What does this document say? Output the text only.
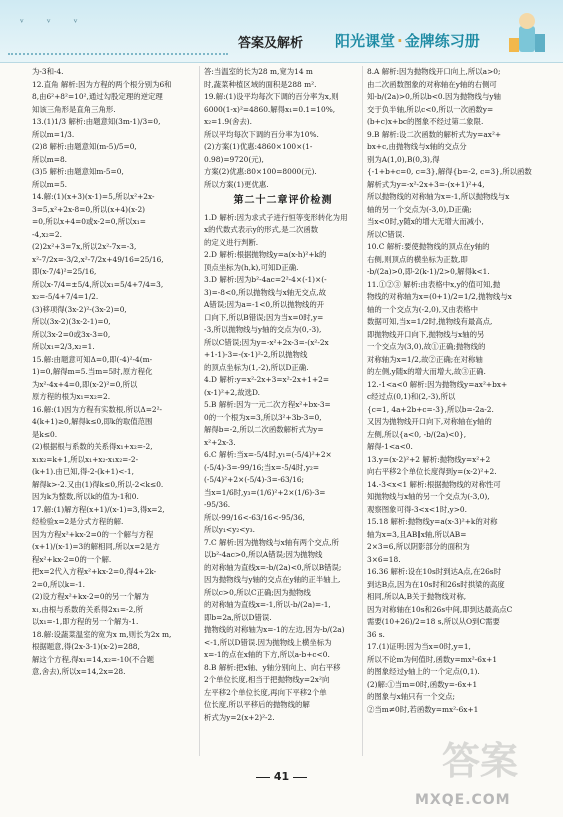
ᵛ ᵛ ᵛ
答案及解析 阳光课堂 · 金牌练习册

为-3和-4.

12.直角 解析:因为方程的两个根分别为6和

8,由6²+8²=10²,通过勾股定理的逆定理

知该三角形是直角三角形.

13.(1)1/3 解析:由题意知(3m-1)/3=0,

所以m=1/3.

(2)8 解析:由题意知(m-5)/5=0,

所以m=8.

(3)5 解析:由题意知m-5=0,

所以m=5.

14.解:(1)(x+3)(x-1)=5,所以x²+2x-

3=5,x²+2x-8=0,所以(x+4)(x-2)

=0,所以x+4=0或x-2=0,所以x₁=

-4,x₂=2.

(2)2x²+3=7x,所以2x²-7x=-3,

x²-7/2x=-3/2,x²-7/2x+49/16=25/16,

即(x-7/4)²=25/16,

所以x-7/4=±5/4,所以x₁=5/4+7/4=3,

x₂=-5/4+7/4=1/2.

(3)移项得(3x-2)²-(3x-2)=0,

所以(3x-2)(3x-2-1)=0,

所以3x-2=0或3x-3=0,

所以x₁=2/3,x₂=1.

15.解:由题意可知Δ=0,即(-4)²-4(m-

1)=0,解得m=5.当m=5时,原方程化

为x²-4x+4=0,即(x-2)²=0,所以

原方程的根为x₁=x₂=2.

16.解:(1)因为方程有实数根,所以Δ=2²-

4(k+1)≥0,解得k≤0,即k的取值范围

是k≤0.

(2)根据根与系数的关系得x₁+x₂=-2,

x₁x₂=k+1,所以x₁+x₂-x₁x₂=-2-

(k+1).由已知,得-2-(k+1)<-1,

解得k>-2.又由(1)得k≤0,所以-2<k≤0.

因为k为整数,所以k的值为-1和0.

17.解:(1)解方程(x+1)/(x-1)=3,得x=2,

经检验x=2是分式方程的解.

因为方程x²+kx-2=0的一个解与方程

(x+1)/(x-1)=3的解相同,所以x=2是方

程x²+kx-2=0的一个解.

把x=2代入方程x²+kx-2=0,得4+2k-

2=0,所以k=-1.

(2)设方程x²+kx-2=0的另一个解为

x₁,由根与系数的关系得2x₁=-2,所

以x₁=-1,即方程的另一个解为-1.

18.解:设蔬菜温室的宽为x m,则长为2x m,

根据题意,得(2x-3-1)(x-2)=288,

解这个方程,得x₁=14,x₂=-10(不合题

意,舍去),所以x=14,2x=28.

答:当温室的长为28 m,宽为14 m

时,蔬菜种植区域的面积是288 m².

19.解:(1)设平均每次下调的百分率为x,则

6000(1-x)²=4860.解得x₁=0.1=10%,

x₂=1.9(舍去).

所以平均每次下调的百分率为10%.

(2)方案(1)优惠:4860×100×(1-

0.98)=9720(元),

方案(2)优惠:80×100=8000(元).

所以方案(1)更优惠.

第二十二章评价检测

1.D 解析:因为求式子进行恒等变形转化为用

x的代数式表示y的形式,是二次函数

的定义进行判断.

2.D 解析:根据抛物线y=a(x-h)²+k的

顶点坐标为(h,k),可知D正确.

3.D 解析:因为b²-4ac=2²-4×(-1)×(-

3)=-8<0,所以抛物线与x轴无交点,故

A错误;因为a=-1<0,所以抛物线的开

口向下,所以B错误;因为当x=0时,y=

-3,所以抛物线与y轴的交点为(0,-3),

所以C错误;因为y=-x²+2x-3=-(x²-2x

+1-1)-3=-(x-1)²-2,所以抛物线

的顶点坐标为(1,-2),所以D正确.

4.D 解析:y=x²-2x+3=x²-2x+1+2=

(x-1)²+2,故选D.

5.B 解析:因为一元二次方程x²+bx-3=

0的一个根为x=3,所以3²+3b-3=0,

解得b=-2,所以二次函数解析式为y=

x²+2x-3.

6.C 解析:当x=-5/4时,y₁=(-5/4)²+2×

(-5/4)-3=-99/16;当x=-5/4时,y₂=

(-5/4)²+2×(-5/4)-3=-63/16;

当x=1/6时,y₃=(1/6)²+2×(1/6)-3=

-95/36.

所以-99/16<-63/16<-95/36,

所以y₁<y₂<y₃.

7.C 解析:因为抛物线与x轴有两个交点,所

以b²-4ac>0,所以A错误;因为抛物线

的对称轴为直线x=-b/(2a)<0,所以B错误;

因为抛物线与y轴的交点在y轴的正半轴上,

所以c>0,所以C正确;因为抛物线

的对称轴为直线x=-1,所以-b/(2a)=-1,

即b=2a,所以D错误.

抛物线的对称轴为x=-1的左边,因为-b/(2a)

<-1,所以D错误.因为抛物线上横坐标为

x=-1的点在x轴的下方,所以a-b+c<0.

8.B 解析:把x轴、y轴分别向上、向右平移

2个单位长度,相当于把抛物线y=2x²向

左平移2个单位长度,再向下平移2个单

位长度,所以平移后的抛物线的解

析式为y=2(x+2)²-2.

8.A 解析:因为抛物线开口向上,所以a>0;

由二次函数图象的对称轴在y轴的右侧可

知-b/(2a)>0,所以b<0.因为抛物线与y轴

交于负半轴,所以c<0,所以一次函数y=

(b+c)x+bc的图象不经过第二象限.

9.B 解析:设二次函数的解析式为y=ax²+

bx+c,由抛物线与x轴的交点分

别为A(1,0),B(0,3),得

{-1+b+c=0, c=3},解得{b=-2, c=3},所以函数

解析式为y=-x²-2x+3=-(x+1)²+4,

所以抛物线的对称轴为x=-1,所以抛物线与x

轴的另一个交点为(-3,0),D正确;

当x<0时,y随x的增大无增大而减小,

所以C错误.

10.C 解析:要使抛物线的顶点在y轴的

右侧,则顶点的横坐标为正数,即

-b/(2a)>0,即-2(k-1)/2>0,解得k<1.

11.①②③ 解析:由表格中x,y的值可知,抛

物线的对称轴为x=(0+1)/2=1/2,抛物线与x

轴的一个交点为(-2,0),又由表格中

数据可知,当x=1/2时,抛物线有最高点,

即抛物线开口向下,抛物线与x轴的另

一个交点为(3,0),故①正确;抛物线的

对称轴为x=1/2,故②正确;在对称轴

的左侧,y随x的增大而增大,故③正确.

12.-1<a<0 解析:因为抛物线y=ax²+bx+

c经过点(0,1)和(2,-3),所以

{c=1, 4a+2b+c=-3},所以b=-2a-2.

又因为抛物线开口向下,对称轴在y轴的

左侧,所以{a<0, -b/(2a)<0},

解得-1<a<0.

13.y=(x-2)²+2 解析:抛物线y=x²+2

向右平移2个单位长度得到y=(x-2)²+2.

14.-3<x<1 解析:根据抛物线的对称性可

知抛物线与x轴的另一个交点为(-3,0),

观察图象可得-3<x<1时,y>0.

15.18 解析:抛物线y=a(x-3)²+k的对称

轴为x=3,且AB∥x轴,所以AB=

2×3=6,所以阴影部分的面积为

3×6=18.

16.36 解析:设在10s时到达A点,在26s时

到达B点,因为在10s时和26s时拱梁的高度

相同,所以A,B关于抛物线对称,

因为对称轴在10s和26s中间,即到达最高点C

需要(10+26)/2=18 s,所以从O到C需要

36 s.

17.(1)证明:因为当x=0时,y=1,

所以不论m为何值时,函数y=mx²-6x+1

的图象经过y轴上的一个定点(0,1).

(2)解:①当m=0时,函数y=-6x+1

的图象与x轴只有一个交点;

②当m≠0时,若函数y=mx²-6x+1

答案
41
MXQE.COM
